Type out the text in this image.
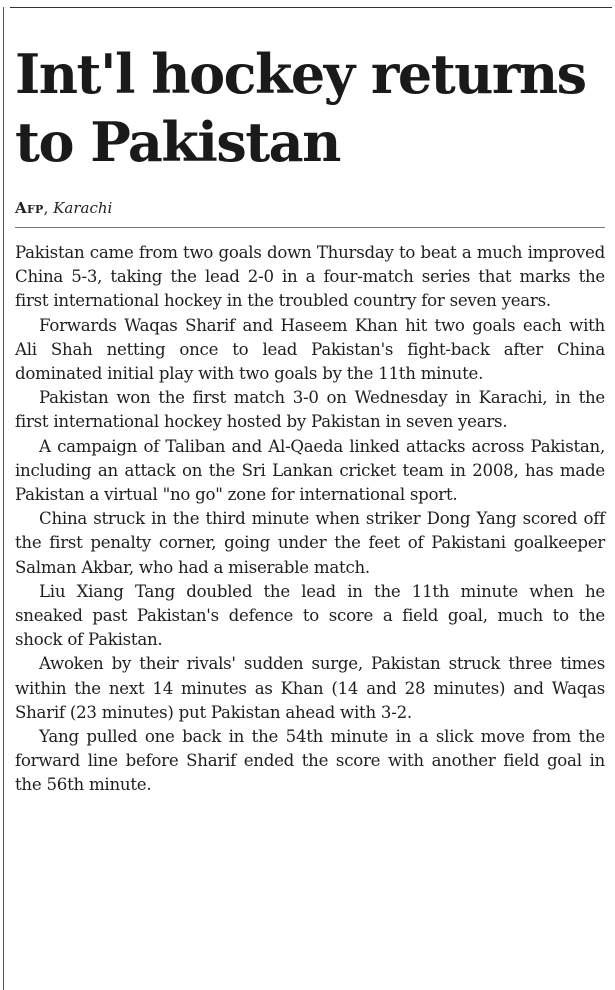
Int'l hockey returns to Pakistan
Afp, Karachi

Pakistan came from two goals down Thursday to beat a much improved China 5-3, taking the lead 2-0 in a four-match series that marks the first international hockey in the troubled country for seven years.

Forwards Waqas Sharif and Haseem Khan hit two goals each with Ali Shah netting once to lead Pakistan's fight-back after China dominated initial play with two goals by the 11th minute.

Pakistan won the first match 3-0 on Wednesday in Karachi, in the first international hockey hosted by Pakistan in seven years.

A campaign of Taliban and Al-Qaeda linked attacks across Pakistan, including an attack on the Sri Lankan cricket team in 2008, has made Pakistan a virtual "no go" zone for international sport.

China struck in the third minute when striker Dong Yang scored off the first penalty corner, going under the feet of Pakistani goalkeeper Salman Akbar, who had a miserable match.

Liu Xiang Tang doubled the lead in the 11th minute when he sneaked past Pakistan's defence to score a field goal, much to the shock of Pakistan.

Awoken by their rivals' sudden surge, Pakistan struck three times within the next 14 minutes as Khan (14 and 28 minutes) and Waqas Sharif (23 minutes) put Pakistan ahead with 3-2.

Yang pulled one back in the 54th minute in a slick move from the forward line before Sharif ended the score with another field goal in the 56th minute.
